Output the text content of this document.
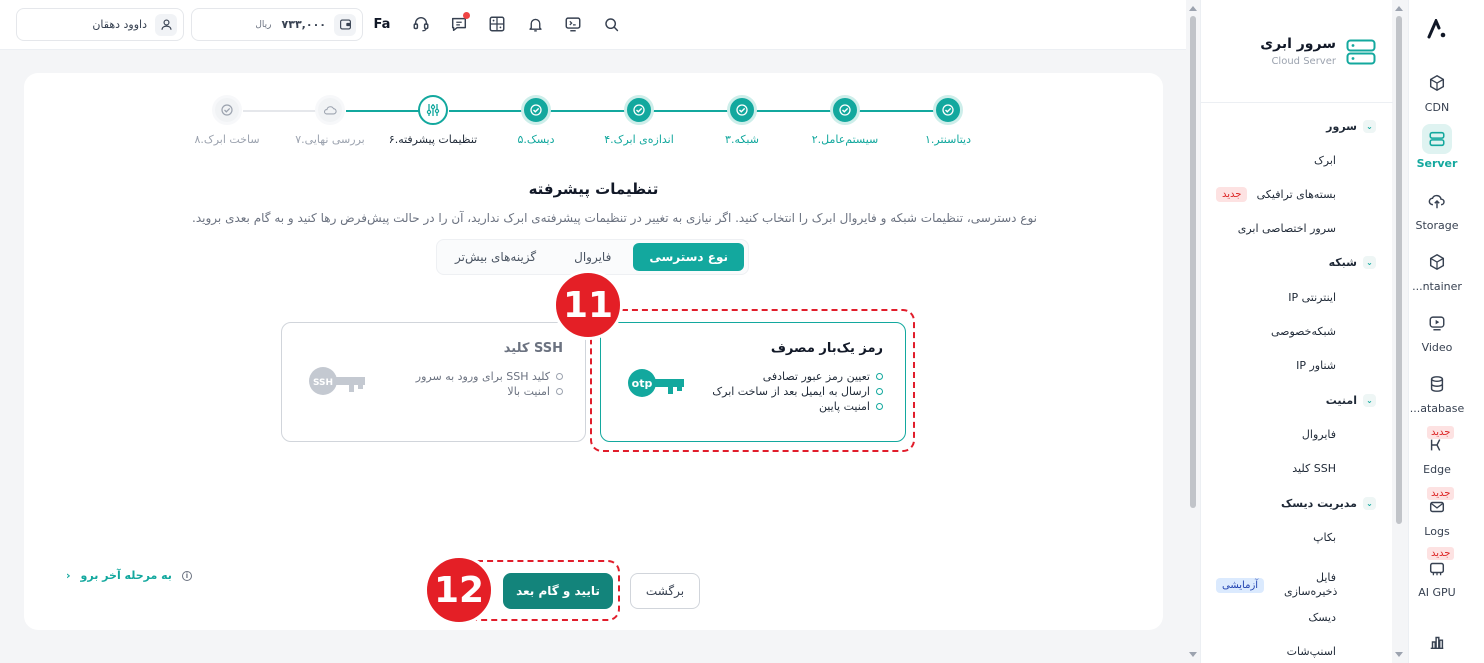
داوود دهقان	ریال ۷۳۳,۰۰۰	Fa
۱.دیتاسنتر
۲.سیستم‌عامل
۳.شبکه
۴.اندازه‌ی ابرک
۵.دیسک
۶.تنظیمات پیشرفته
۷.بررسی نهایی
۸.ساخت ابرک
تنظیمات پیشرفته
نوع دسترسی، تنظیمات شبکه و فایروال ابرک را انتخاب کنید. اگر نیازی به تغییر در تنظیمات پیشرفته‌ی ابرک ندارید، آن را در حالت پیش‌فرض رها کنید و به گام بعدی بروید.
نوع دسترسی
فایروال
گزینه‌های بیش‌تر
رمز یک‌بار مصرف
تعیین رمز عبور تصادفی
ارسال به ایمیل بعد از ساخت ابرک
امنیت پایین
otp
کلید SSH
کلید SSH برای ورود به سرور
امنیت بالا
SSH
11
12	تایید و گام بعد	برگشت
› به مرحله آخر برو	i
سرور ابری
Cloud Server
سرور	⌄
ابرک
جدید	بسته‌های ترافیکی
سرور اختصاصی ابری
شبکه	⌄
IP اینترنتی
شبکه‌خصوصی
IP شناور
امنیت	⌄
فایروال
کلید SSH
مدیریت دیسک	⌄
بکاپ
آزمایشی
فایل ذخیره‌سازی
دیسک
اسنپ‌شات
CDN
Server
Storage
...ntainer
Video
...atabase
Edge
جدید
Logs
جدید
AI GPU
جدید
